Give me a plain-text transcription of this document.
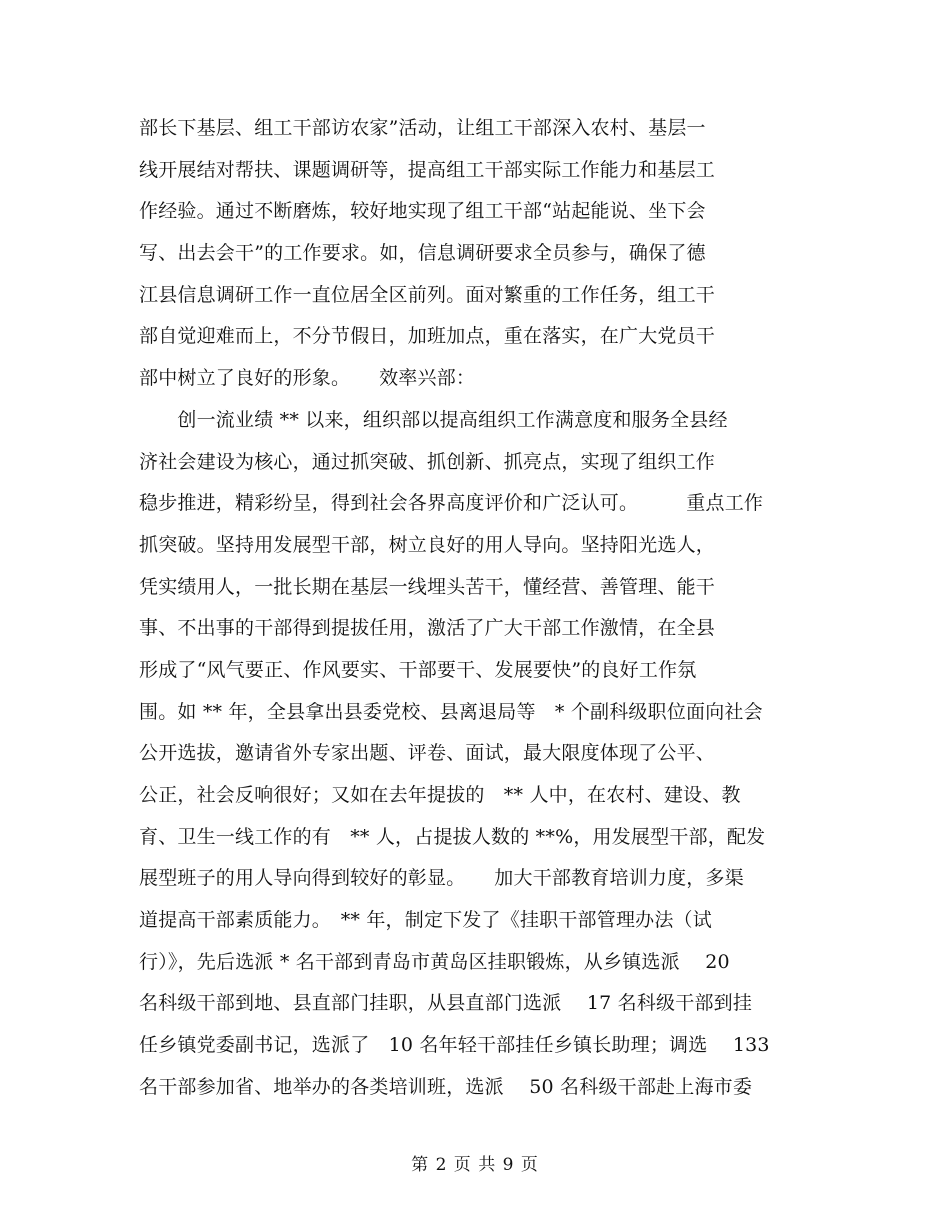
部长下基层、组工干部访农家”活动，让组工干部深入农村、基层一
线开展结对帮扶、课题调研等，提高组工干部实际工作能力和基层工
作经验。通过不断磨炼，较好地实现了组工干部“站起能说、坐下会
写、出去会干”的工作要求。如，信息调研要求全员参与，确保了德
江县信息调研工作一直位居全区前列。面对繁重的工作任务，组工干
部自觉迎难而上，不分节假日，加班加点，重在落实，在广大党员干
部中树立了良好的形象。　　效率兴部：
　　创一流业绩 ** 以来，组织部以提高组织工作满意度和服务全县经
济社会建设为核心，通过抓突破、抓创新、抓亮点，实现了组织工作
稳步推进，精彩纷呈，得到社会各界高度评价和广泛认可。　　　重点工作
抓突破。坚持用发展型干部，树立良好的用人导向。坚持阳光选人，
凭实绩用人，一批长期在基层一线埋头苦干，懂经营、善管理、能干
事、不出事的干部得到提拔任用，激活了广大干部工作激情，在全县
形成了“风气要正、作风要实、干部要干、发展要快”的良好工作氛
围。如 ** 年，全县拿出县委党校、县离退局等　* 个副科级职位面向社会
公开选拔，邀请省外专家出题、评卷、面试，最大限度体现了公平、
公正，社会反响很好；又如在去年提拔的　** 人中，在农村、建设、教
育、卫生一线工作的有　** 人，占提拔人数的 **%，用发展型干部，配发
展型班子的用人导向得到较好的彰显。　　加大干部教育培训力度，多渠
道提高干部素质能力。　** 年，制定下发了《挂职干部管理办法（试
行）》，先后选派 * 名干部到青岛市黄岛区挂职锻炼，从乡镇选派　 20
名科级干部到地、县直部门挂职，从县直部门选派　 17 名科级干部到挂
任乡镇党委副书记，选派了　10 名年轻干部挂任乡镇长助理；调选　 133
名干部参加省、地举办的各类培训班，选派　 50 名科级干部赴上海市委
第 2 页 共 9 页
